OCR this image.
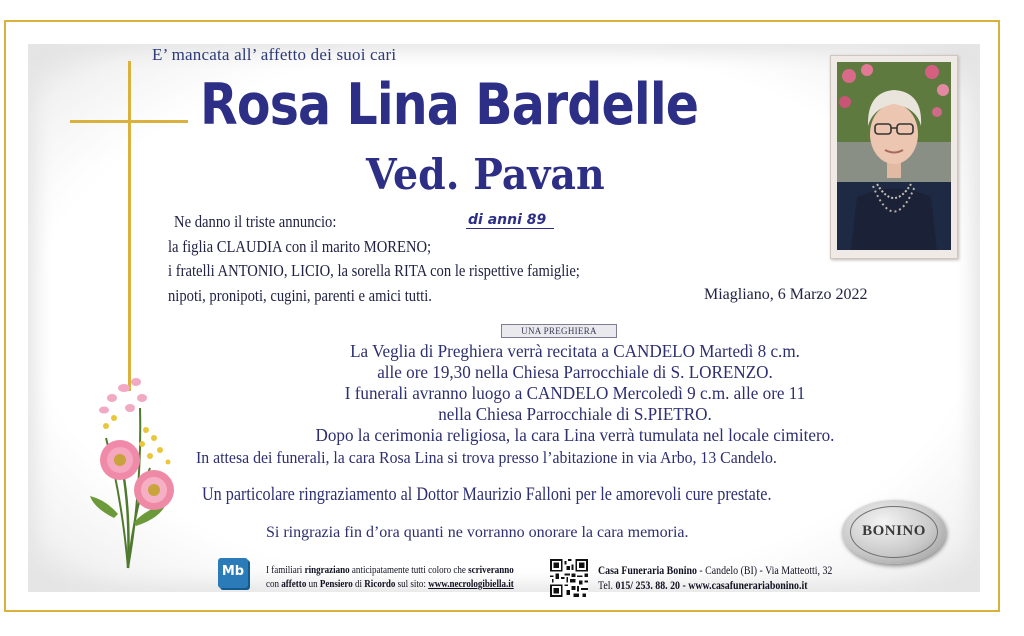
E’ mancata all’ affetto dei suoi cari
Rosa Lina Bardelle
Ved. Pavan
di anni 89
Ne danno il triste annuncio:
la figlia CLAUDIA con il marito MORENO;
i fratelli ANTONIO, LICIO, la sorella RITA con le rispettive famiglie;
nipoti, pronipoti, cugini, parenti e amici tutti.	Miagliano, 6 Marzo 2022
UNA PREGHIERA
La Veglia di Preghiera verrà recitata a CANDELO Martedì 8 c.m.
alle ore 19,30 nella Chiesa Parrocchiale di S. LORENZO.
I funerali avranno luogo a CANDELO Mercoledì 9 c.m. alle ore 11
nella Chiesa Parrocchiale di S.PIETRO.
Dopo la cerimonia religiosa, la cara Lina verrà tumulata nel locale cimitero.
In attesa dei funerali, la cara Rosa Lina si trova presso l’abitazione in via Arbo, 13 Candelo.
Un particolare ringraziamento al Dottor Maurizio Falloni per le amorevoli cure prestate.
Si ringrazia fin d’ora quanti ne vorranno onorare la cara memoria.
Mb	I familiari ringraziano anticipatamente tutti coloro che scriveranno
con affetto un Pensiero di Ricordo sul sito: www.necrologibiella.it
Casa Funeraria Bonino - Candelo (BI) - Via Matteotti, 32
Tel. 015/ 253. 88. 20 - www.casafunerariabonino.it
BONINO
